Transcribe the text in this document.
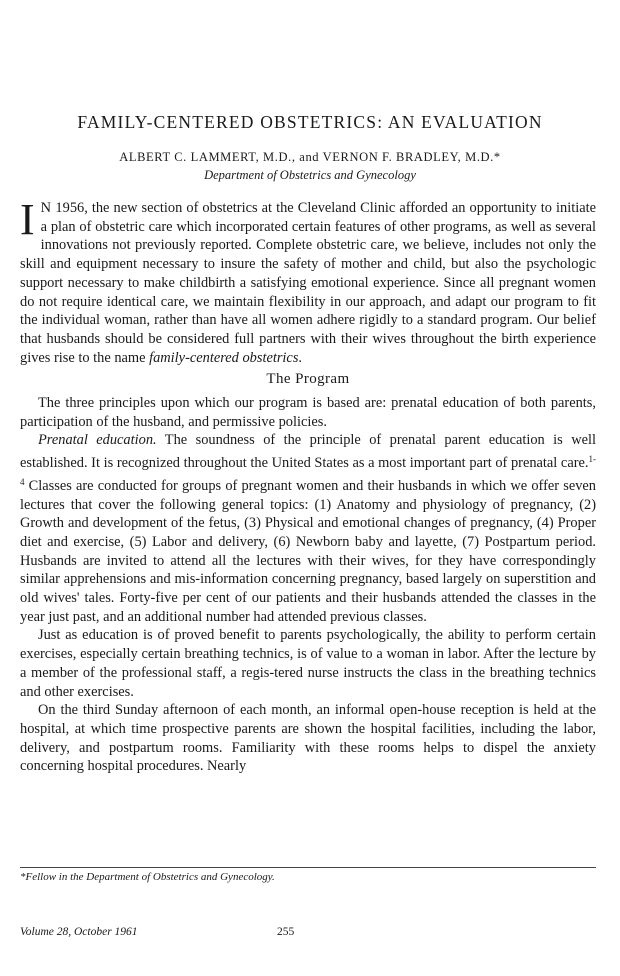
FAMILY-CENTERED OBSTETRICS: AN EVALUATION
ALBERT C. LAMMERT, M.D., and VERNON F. BRADLEY, M.D.*
Department of Obstetrics and Gynecology

I N 1956, the new section of obstetrics at the Cleveland Clinic afforded an opportunity to initiate a plan of obstetric care which incorporated certain features of other programs, as well as several innovations not previously reported. Complete obstetric care, we believe, includes not only the skill and equipment necessary to insure the safety of mother and child, but also the psychologic support necessary to make childbirth a satisfying emotional experience. Since all pregnant women do not require identical care, we maintain flexibility in our approach, and adapt our program to fit the individual woman, rather than have all women adhere rigidly to a standard program. Our belief that husbands should be considered full partners with their wives throughout the birth experience gives rise to the name family-centered obstetrics.

The Program

The three principles upon which our program is based are: prenatal education of both parents, participation of the husband, and permissive policies.

Prenatal education. The soundness of the principle of prenatal parent education is well established. It is recognized throughout the United States as a most important part of prenatal care.$^{1-4}$ Classes are conducted for groups of pregnant women and their husbands in which we offer seven lectures that cover the following general topics: (1) Anatomy and physiology of pregnancy, (2) Growth and development of the fetus, (3) Physical and emotional changes of pregnancy, (4) Proper diet and exercise, (5) Labor and delivery, (6) Newborn baby and layette, (7) Postpartum period. Husbands are invited to attend all the lectures with their wives, for they have correspondingly similar apprehensions and mis-information concerning pregnancy, based largely on superstition and old wives' tales. Forty-five per cent of our patients and their husbands attended the classes in the year just past, and an additional number had attended previous classes.

Just as education is of proved benefit to parents psychologically, the ability to perform certain exercises, especially certain breathing technics, is of value to a woman in labor. After the lecture by a member of the professional staff, a regis-tered nurse instructs the class in the breathing technics and other exercises.

On the third Sunday afternoon of each month, an informal open-house reception is held at the hospital, at which time prospective parents are shown the hospital facilities, including the labor, delivery, and postpartum rooms. Familiarity with these rooms helps to dispel the anxiety concerning hospital procedures. Nearly

*Fellow in the Department of Obstetrics and Gynecology.
Volume 28, October 1961	255
